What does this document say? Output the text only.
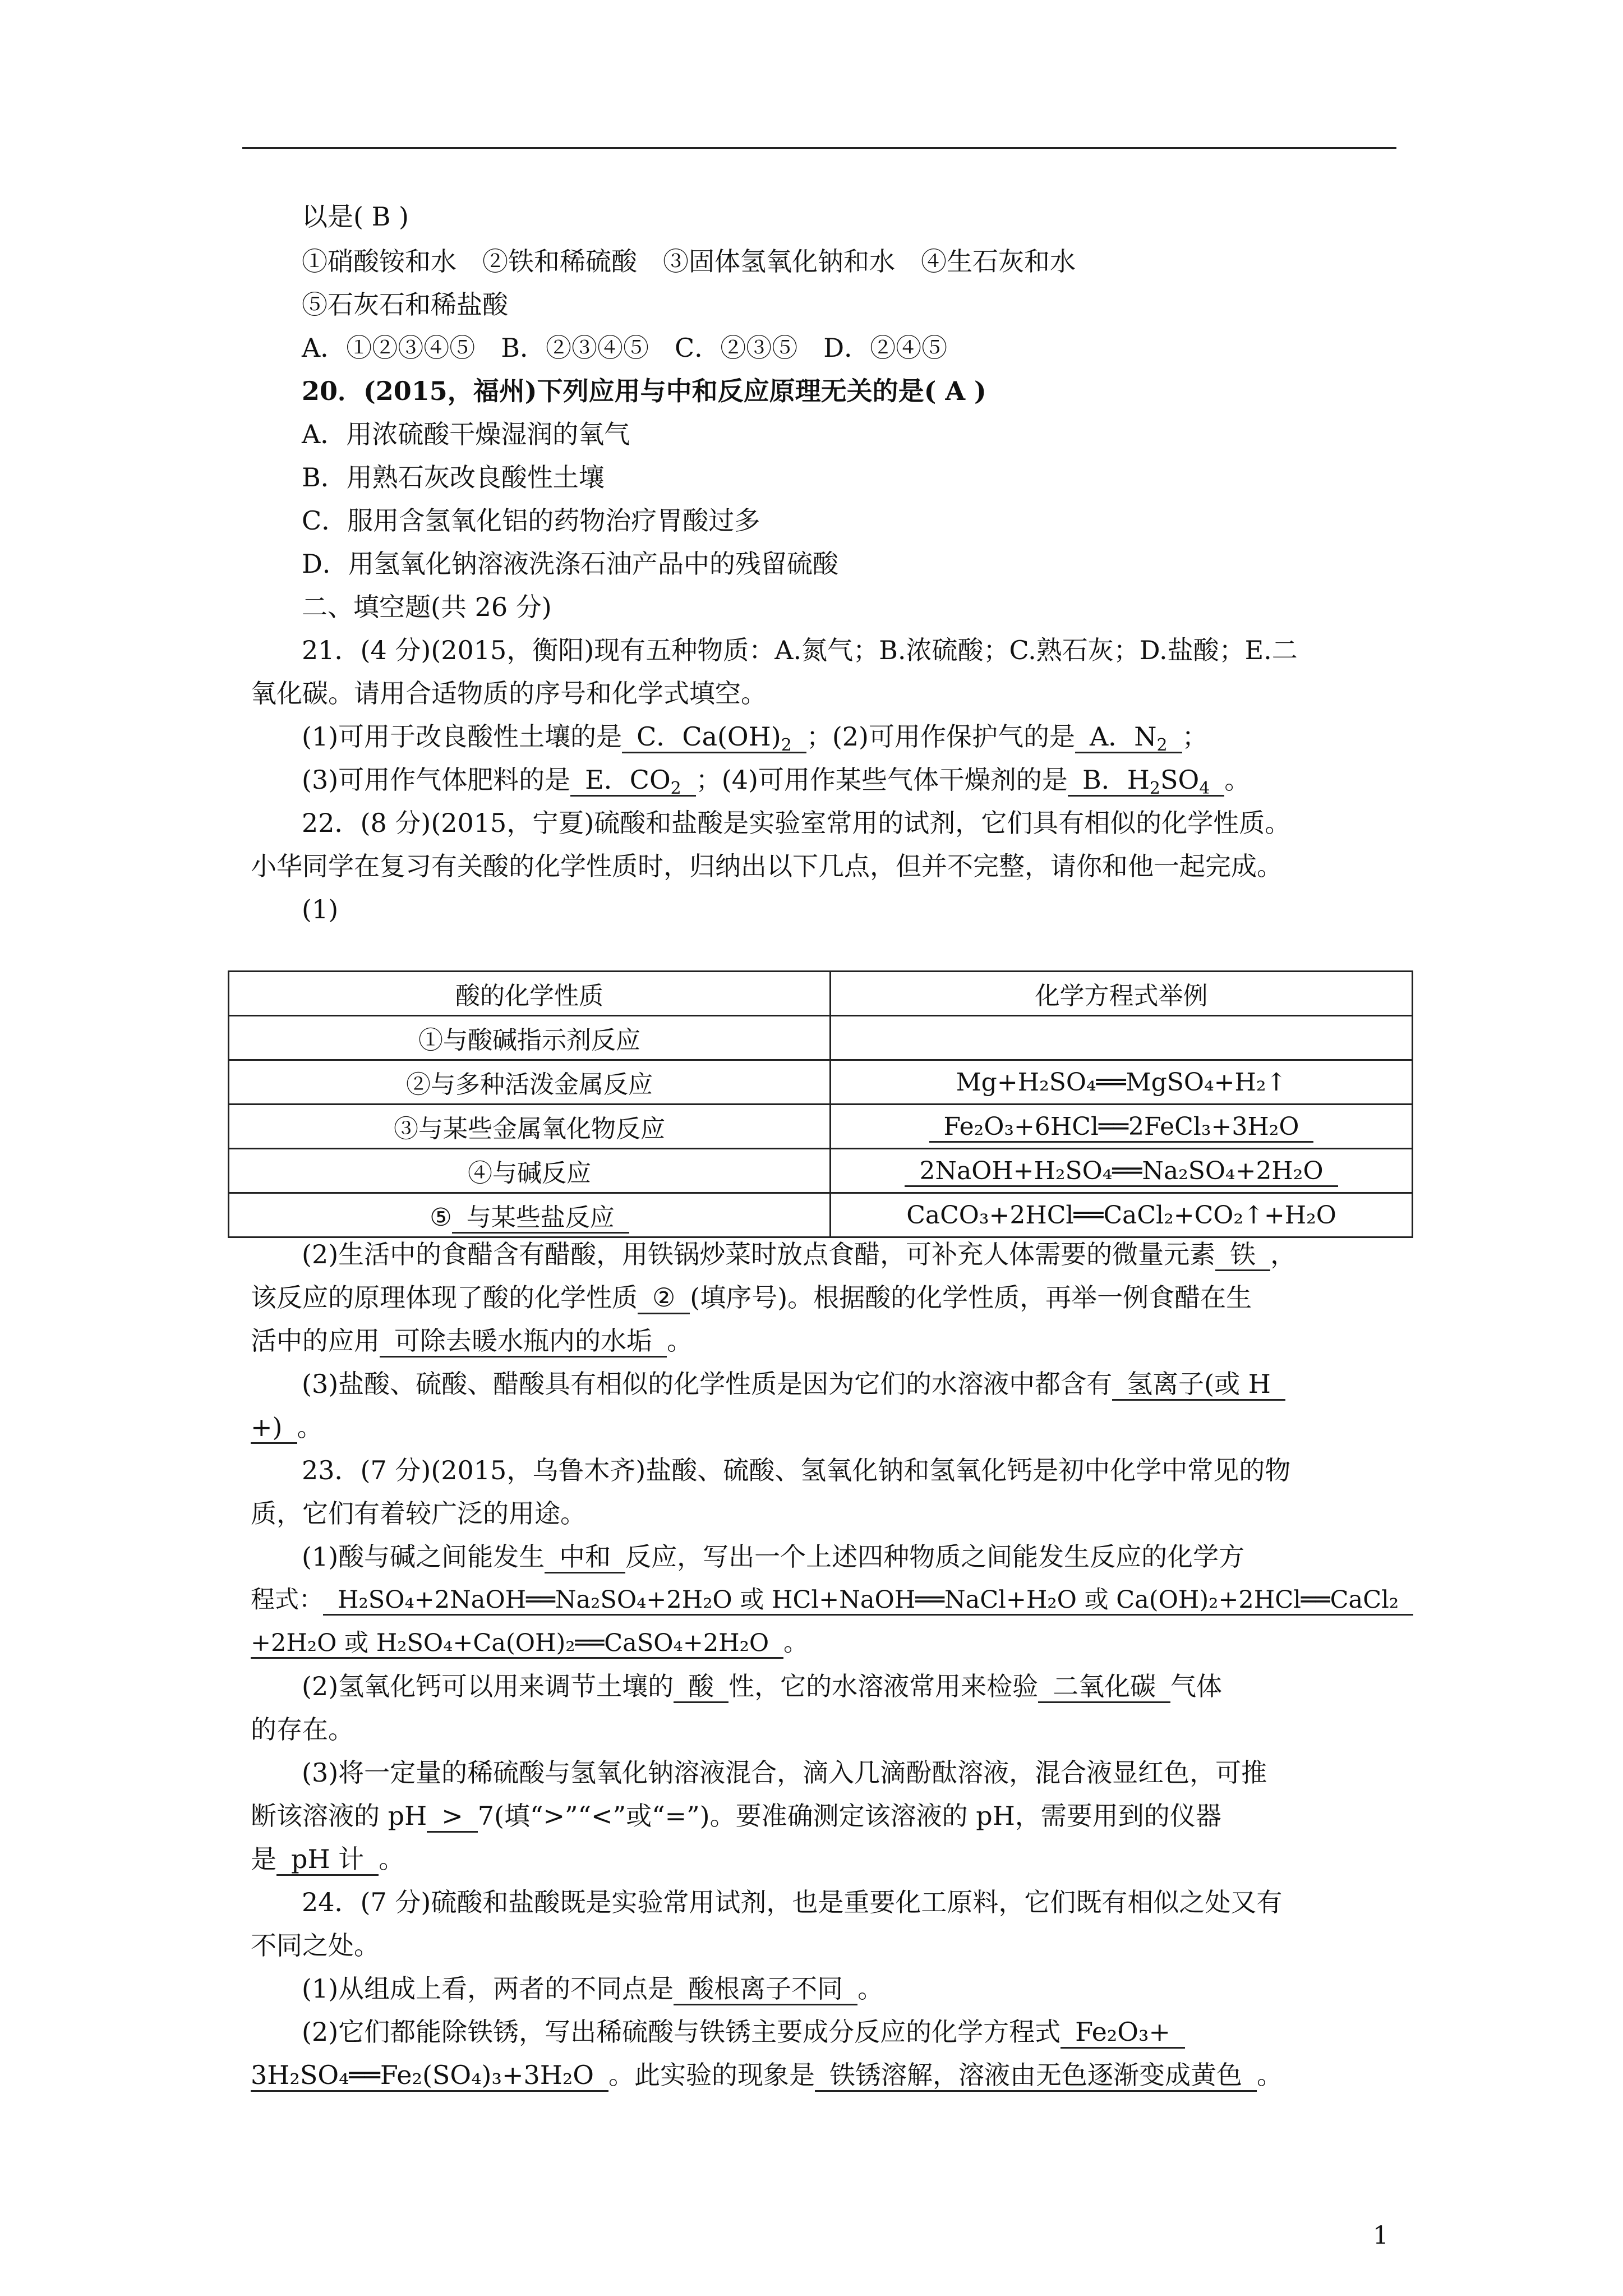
以是( B )
①硝酸铵和水　②铁和稀硫酸　③固体氢氧化钠和水　④生石灰和水
⑤石灰石和稀盐酸
A．①②③④⑤　B．②③④⑤　C．②③⑤　D．②④⑤
20．(2015，福州)下列应用与中和反应原理无关的是( A )
A．用浓硫酸干燥湿润的氧气
B．用熟石灰改良酸性土壤
C．服用含氢氧化铝的药物治疗胃酸过多
D．用氢氧化钠溶液洗涤石油产品中的残留硫酸
二、填空题(共 26 分)
21．(4 分)(2015，衡阳)现有五种物质：A.氮气；B.浓硫酸；C.熟石灰；D.盐酸；E.二
氧化碳。请用合适物质的序号和化学式填空。
(1)可用于改良酸性土壤的是 C．$Ca(OH)_2$ ；(2)可用作保护气的是 A．$N_2$ ；
(3)可用作气体肥料的是 E．$CO_2$ ；(4)可用作某些气体干燥剂的是 B．$H_2SO_4$ 。
22．(8 分)(2015，宁夏)硫酸和盐酸是实验室常用的试剂，它们具有相似的化学性质。
小华同学在复习有关酸的化学性质时，归纳出以下几点，但并不完整，请你和他一起完成。
(1)
酸的化学性质	化学方程式举例
①与酸碱指示剂反应	
②与多种活泼金属反应	Mg+H₂SO₄══MgSO₄+H₂↑
③与某些金属氧化物反应	Fe₂O₃+6HCl══2FeCl₃+3H₂O
④与碱反应	2NaOH+H₂SO₄══Na₂SO₄+2H₂O
⑤ 与某些盐反应	CaCO₃+2HCl══CaCl₂+CO₂↑+H₂O
(2)生活中的食醋含有醋酸，用铁锅炒菜时放点食醋，可补充人体需要的微量元素 铁 ，
该反应的原理体现了酸的化学性质 ② (填序号)。根据酸的化学性质，再举一例食醋在生
活中的应用 可除去暖水瓶内的水垢 。
(3)盐酸、硫酸、醋酸具有相似的化学性质是因为它们的水溶液中都含有 氢离子(或 H
+) 。
23．(7 分)(2015，乌鲁木齐)盐酸、硫酸、氢氧化钠和氢氧化钙是初中化学中常见的物
质，它们有着较广泛的用途。
(1)酸与碱之间能发生 中和 反应，写出一个上述四种物质之间能发生反应的化学方
程式： H₂SO₄+2NaOH══Na₂SO₄+2H₂O 或 HCl+NaOH══NaCl+H₂O 或 Ca(OH)₂+2HCl══CaCl₂
+2H₂O 或 H₂SO₄+Ca(OH)₂══CaSO₄+2H₂O 。
(2)氢氧化钙可以用来调节土壤的 酸 性，它的水溶液常用来检验 二氧化碳 气体
的存在。
(3)将一定量的稀硫酸与氢氧化钠溶液混合，滴入几滴酚酞溶液，混合液显红色，可推
断该溶液的 pH > 7(填“>”“<”或“=”)。要准确测定该溶液的 pH，需要用到的仪器
是 pH 计 。
24．(7 分)硫酸和盐酸既是实验常用试剂，也是重要化工原料，它们既有相似之处又有
不同之处。
(1)从组成上看，两者的不同点是 酸根离子不同 。
(2)它们都能除铁锈，写出稀硫酸与铁锈主要成分反应的化学方程式 Fe₂O₃+
3H₂SO₄══Fe₂(SO₄)₃+3H₂O 。此实验的现象是 铁锈溶解，溶液由无色逐渐变成黄色 。
1
